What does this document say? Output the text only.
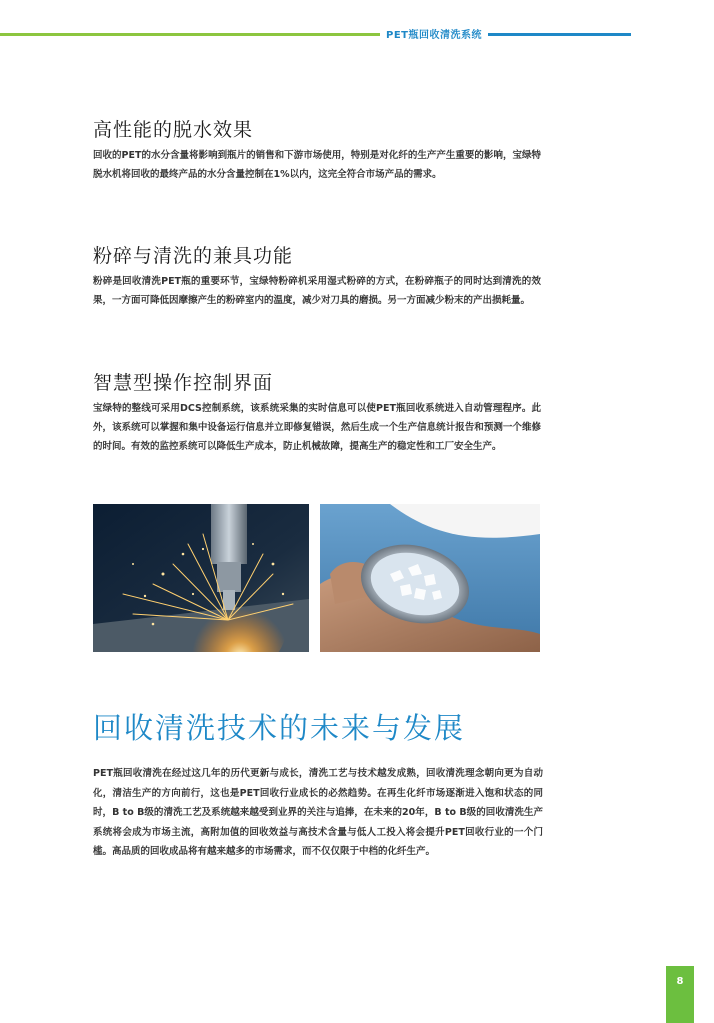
PET瓶回收清洗系统
高性能的脱水效果

回收的PET的水分含量将影响到瓶片的销售和下游市场使用，特别是对化纤的生产产生重要的影响，宝绿特脱水机将回收的最终产品的水分含量控制在1%以内，这完全符合市场产品的需求。

粉碎与清洗的兼具功能

粉碎是回收清洗PET瓶的重要环节，宝绿特粉碎机采用湿式粉碎的方式，在粉碎瓶子的同时达到清洗的效果，一方面可降低因摩擦产生的粉碎室内的温度，减少对刀具的磨损。另一方面减少粉末的产出损耗量。

智慧型操作控制界面

宝绿特的整线可采用DCS控制系统，该系统采集的实时信息可以使PET瓶回收系统进入自动管理程序。此外，该系统可以掌握和集中设备运行信息并立即修复错误，然后生成一个生产信息统计报告和预测一个维修的时间。有效的监控系统可以降低生产成本，防止机械故障，提高生产的稳定性和工厂安全生产。

回收清洗技术的未来与发展

PET瓶回收清洗在经过这几年的历代更新与成长，清洗工艺与技术越发成熟，回收清洗理念朝向更为自动化，清洁生产的方向前行，这也是PET回收行业成长的必然趋势。在再生化纤市场逐渐进入饱和状态的同时，B to B级的清洗工艺及系统越来越受到业界的关注与追捧，在未来的20年，B to B级的回收清洗生产系统将会成为市场主流，高附加值的回收效益与高技术含量与低人工投入将会提升PET回收行业的一个门槛。高品质的回收成品将有越来越多的市场需求，而不仅仅限于中档的化纤生产。

8
